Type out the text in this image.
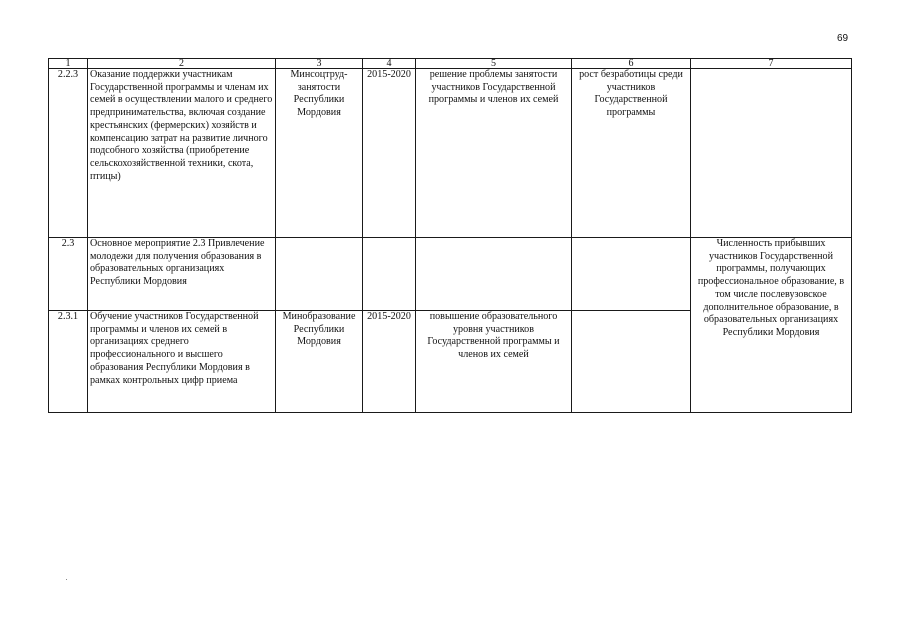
69
1	2	3	4	5	6	7
2.2.3	Оказание поддержки участникам Государственной программы и членам их семей в осуществлении малого и среднего предпринимательства, включая создание крестьянских (фермерских) хозяйств и компенсацию затрат на развитие личного подсобного хозяйства (приобретение сельскохозяйственной техники, скота, птицы)	Минсоцтруд-занятости Республики Мордовия	2015-2020	решение проблемы занятости участников Государственной программы и членов их семей	рост безработицы среди участников Государственной программы	
2.3	Основное мероприятие 2.3 Привлечение молодежи для получения образования в образовательных организациях Республики Мордовия					Численность прибывших участников Государственной программы, получающих профессиональное образование, в том числе послевузовское дополнительное образование, в образовательных организациях Республики Мордовия
2.3.1	Обучение участников Государственной программы и членов их семей в организациях среднего профессионального и высшего образования Республики Мордовия в рамках контрольных цифр приема	Минобразование Республики Мордовия	2015-2020	повышение образовательного уровня участников Государственной программы и членов их семей		
